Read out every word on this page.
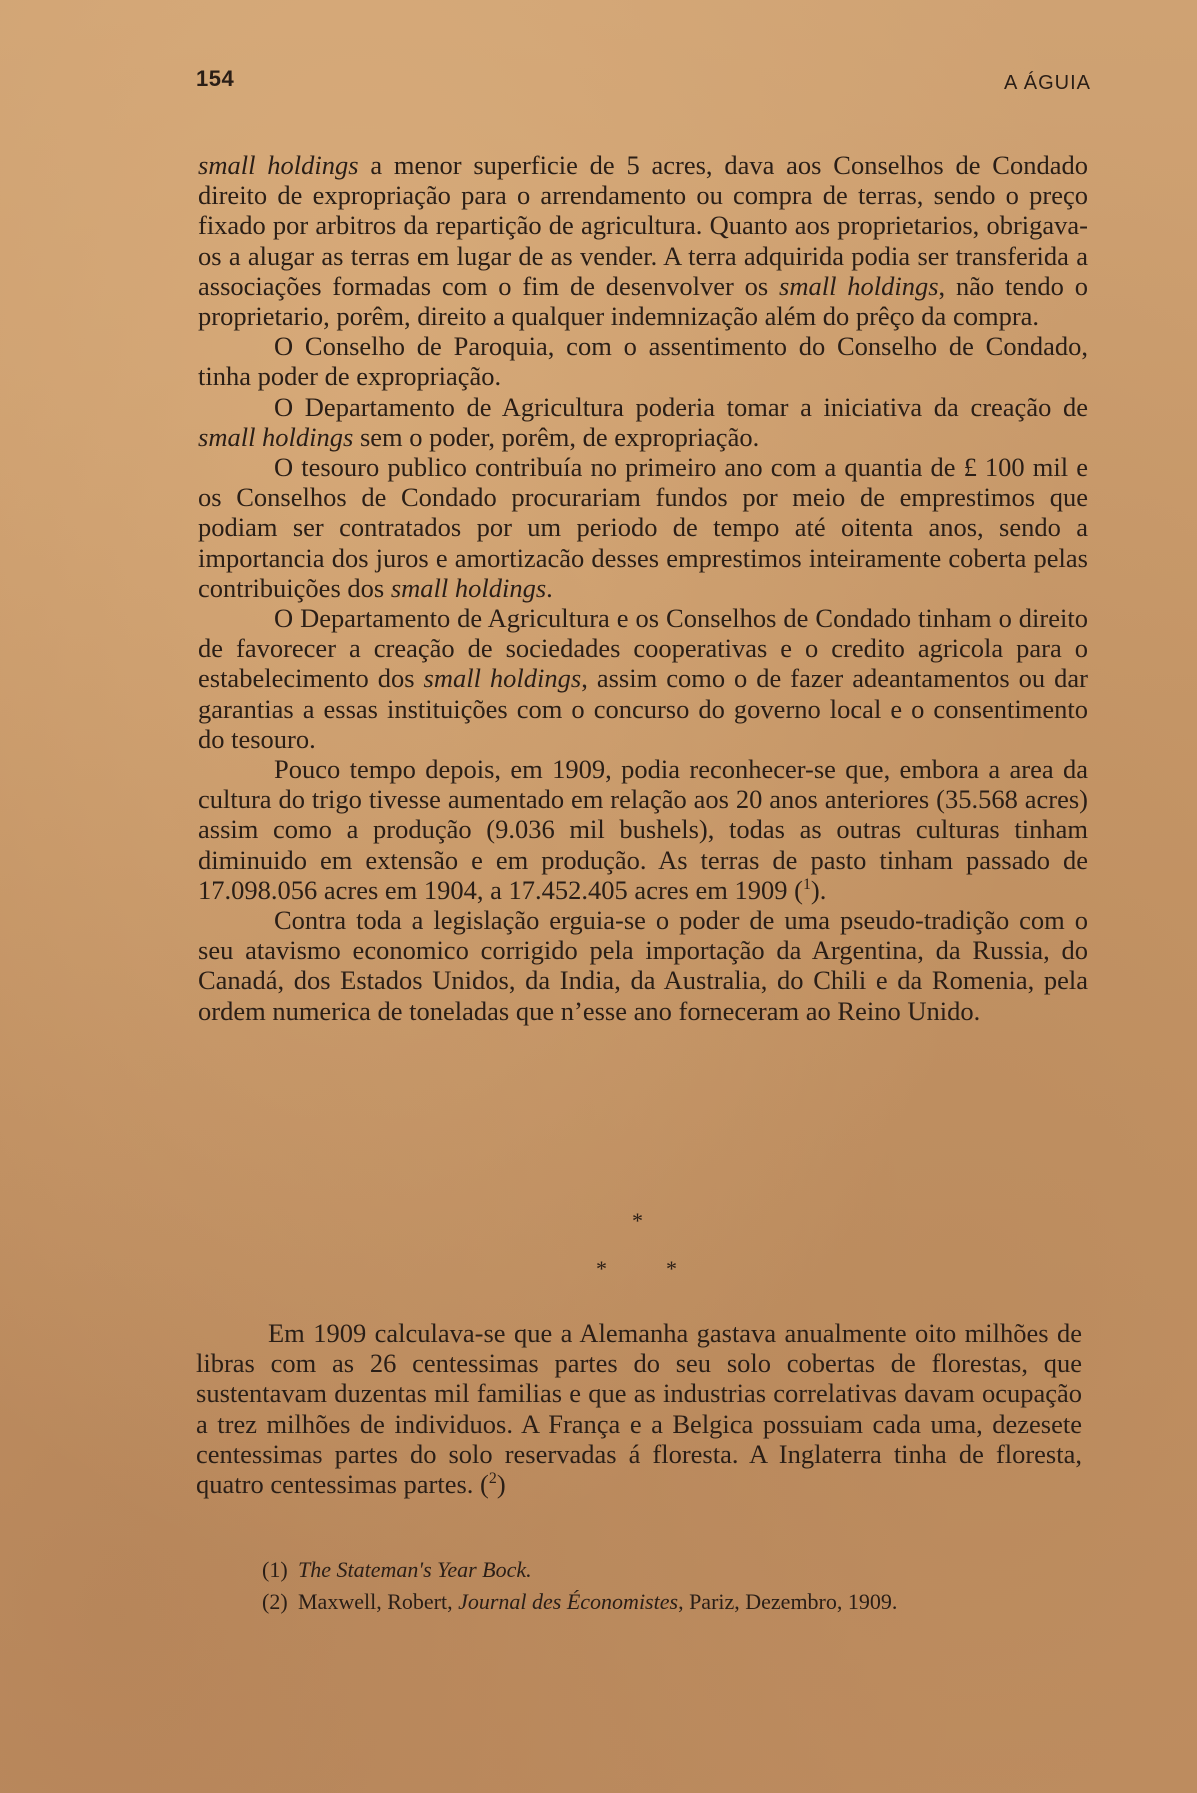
154	A ÁGUIA

small holdings a menor superficie de 5 acres, dava aos Conselhos de Condado direito de expropriação para o arrendamento ou compra de terras, sendo o preço fixado por arbitros da repartição de agricultura. Quanto aos proprietarios, obrigava-os a alugar as terras em lugar de as vender. A terra adquirida podia ser transferida a associações formadas com o fim de desenvolver os small holdings, não tendo o proprietario, porêm, direito a qualquer indemnização além do prêço da compra.

O Conselho de Paroquia, com o assentimento do Conselho de Condado, tinha poder de expropriação.

O Departamento de Agricultura poderia tomar a iniciativa da creação de small holdings sem o poder, porêm, de expropriação.

O tesouro publico contribuía no primeiro ano com a quantia de £ 100 mil e os Conselhos de Condado procurariam fundos por meio de emprestimos que podiam ser contratados por um periodo de tempo até oitenta anos, sendo a importancia dos juros e amortizacão desses emprestimos inteiramente coberta pelas contribuições dos small holdings.

O Departamento de Agricultura e os Conselhos de Condado tinham o direito de favorecer a creação de sociedades cooperativas e o credito agricola para o estabelecimento dos small holdings, assim como o de fazer adeantamentos ou dar garantias a essas instituições com o concurso do governo local e o consentimento do tesouro.

Pouco tempo depois, em 1909, podia reconhecer-se que, embora a area da cultura do trigo tivesse aumentado em relação aos 20 anos anteriores (35.568 acres) assim como a produção (9.036 mil bushels), todas as outras culturas tinham diminuido em extensão e em produção. As terras de pasto tinham passado de 17.098.056 acres em 1904, a 17.452.405 acres em 1909 ($^1$).

Contra toda a legislação erguia-se o poder de uma pseudo-tradição com o seu atavismo economico corrigido pela importação da Argentina, da Russia, do Canadá, dos Estados Unidos, da India, da Australia, do Chili e da Romenia, pela ordem numerica de toneladas que n’esse ano forneceram ao Reino Unido.

*
*	*

Em 1909 calculava-se que a Alemanha gastava anualmente oito milhões de libras com as 26 centessimas partes do seu solo cobertas de florestas, que sustentavam duzentas mil familias e que as industrias correlativas davam ocupação a trez milhões de individuos. A França e a Belgica possuiam cada uma, dezesete centessimas partes do solo reservadas á floresta. A Inglaterra tinha de floresta, quatro centessimas partes. ($^2$)

(1) The Stateman's Year Bock.
(2) Maxwell, Robert, Journal des Économistes, Pariz, Dezembro, 1909.
